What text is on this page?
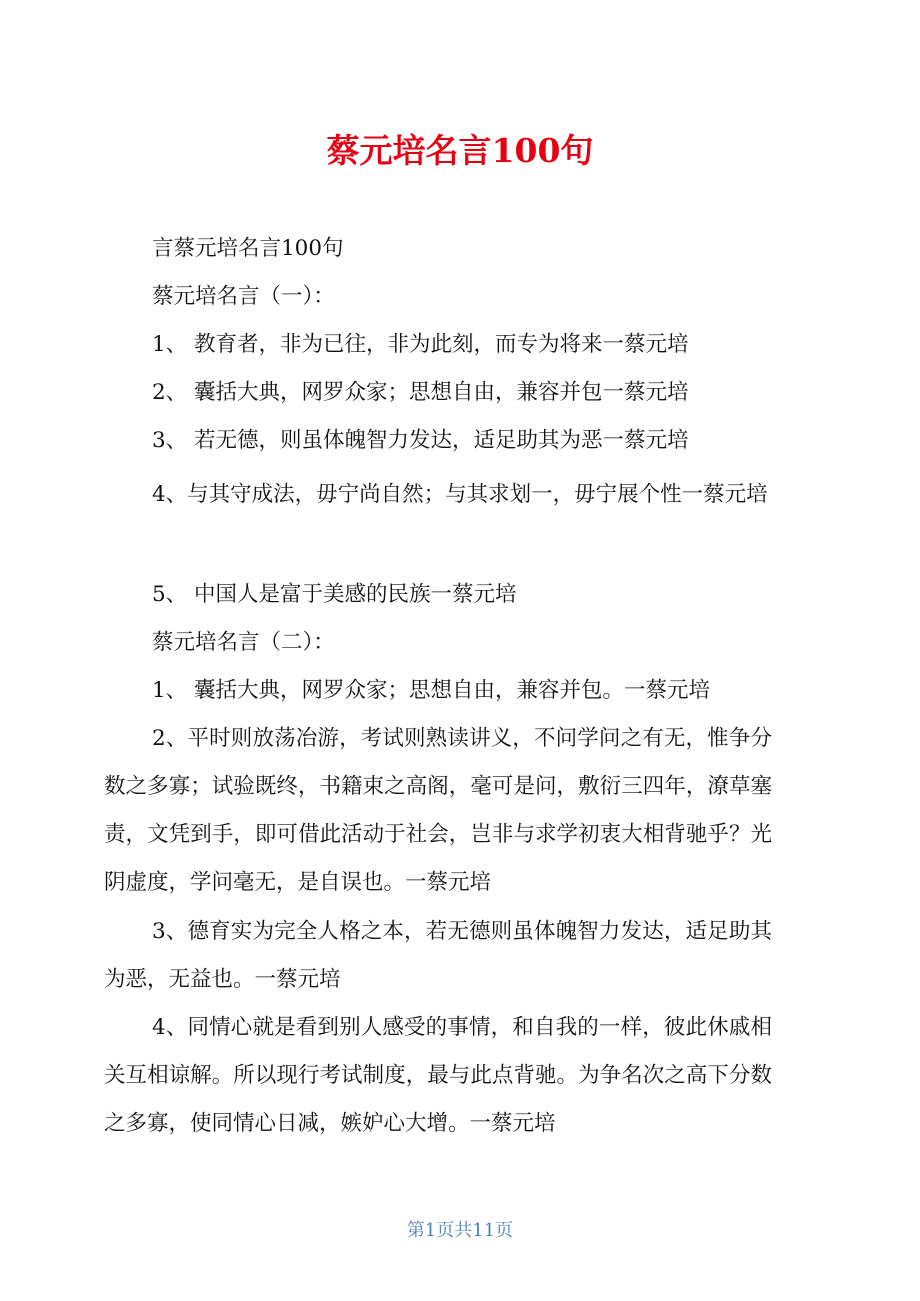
蔡元培名言100句

言蔡元培名言100句

蔡元培名言（一）：

1、 教育者，非为已往，非为此刻，而专为将来一蔡元培

2、 囊括大典，网罗众家；思想自由，兼容并包一蔡元培

3、 若无德，则虽体魄智力发达，适足助其为恶一蔡元培

4、与其守成法，毋宁尚自然；与其求划一，毋宁展个性一蔡元培

5、 中国人是富于美感的民族一蔡元培

蔡元培名言（二）：

1、 囊括大典，网罗众家；思想自由，兼容并包。一蔡元培

2、平时则放荡冶游，考试则熟读讲义，不问学问之有无，惟争分数之多寡；试验既终，书籍束之高阁，毫可是问，敷衍三四年，潦草塞责，文凭到手，即可借此活动于社会，岂非与求学初衷大相背驰乎？光阴虚度，学问毫无，是自误也。一蔡元培

3、德育实为完全人格之本，若无德则虽体魄智力发达，适足助其为恶，无益也。一蔡元培

4、同情心就是看到别人感受的事情，和自我的一样，彼此休戚相关互相谅解。所以现行考试制度，最与此点背驰。为争名次之高下分数之多寡，使同情心日减，嫉妒心大增。一蔡元培

第1页共11页
